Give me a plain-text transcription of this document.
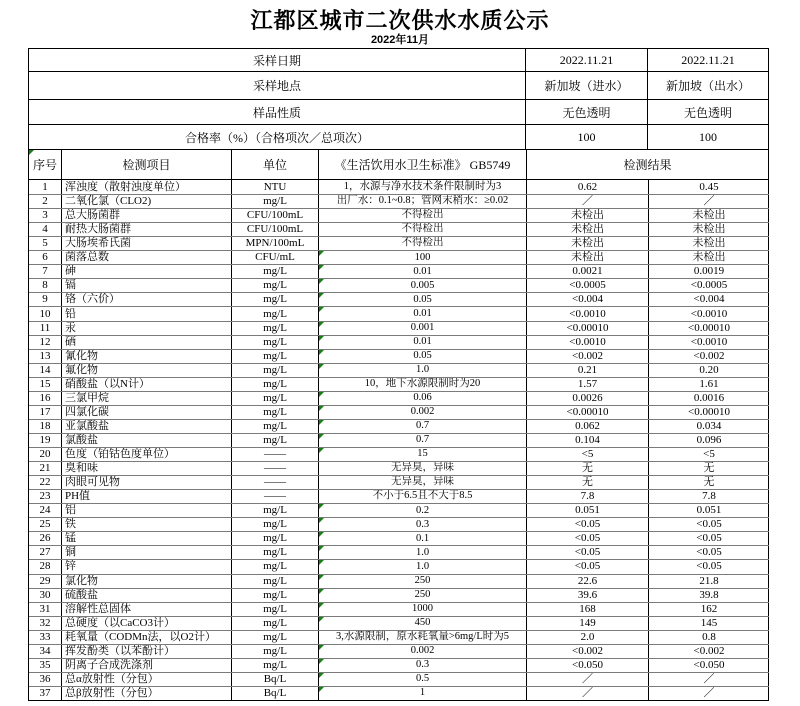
江都区城市二次供水水质公示
2022年11月
采样日期	2022.11.21	2022.11.21
采样地点	新加坡（进水）	新加坡（出水）
样品性质	无色透明	无色透明
合格率（%）（合格项次／总项次）	100	100
序号	检测项目	单位	《生活饮用水卫生标准》 GB5749	检测结果
1 浑浊度（散射浊度单位）	NTU	1，水源与净水技术条件限制时为3	0.62	0.45
2 二氧化氯（CLO2)	mg/L	出厂水：0.1~0.8；管网末稍水：≥0.02	／	／
3 总大肠菌群	CFU/100mL	不得检出	未检出	未检出
4 耐热大肠菌群	CFU/100mL	不得检出	未检出	未检出
5 大肠埃希氏菌	MPN/100mL	不得检出	未检出	未检出
6 菌落总数	CFU/mL	100	未检出	未检出
7 砷	mg/L	0.01	0.0021	0.0019
8 镉	mg/L	0.005	<0.0005	<0.0005
9 铬（六价）	mg/L	0.05	<0.004	<0.004
10 铅	mg/L	0.01	<0.0010	<0.0010
11 汞	mg/L	0.001	<0.00010	<0.00010
12 硒	mg/L	0.01	<0.0010	<0.0010
13 氰化物	mg/L	0.05	<0.002	<0.002
14 氟化物	mg/L	1.0	0.21	0.20
15 硝酸盐（以N计）	mg/L	10，地下水源限制时为20	1.57	1.61
16 三氯甲烷	mg/L	0.06	0.0026	0.0016
17 四氯化碳	mg/L	0.002	<0.00010	<0.00010
18 亚氯酸盐	mg/L	0.7	0.062	0.034
19 氯酸盐	mg/L	0.7	0.104	0.096
20 色度（铂钴色度单位）	——	15	<5	<5
21 臭和味	——	无异臭，异味	无	无
22 肉眼可见物	——	无异臭，异味	无	无
23 PH值	——	不小于6.5且不大于8.5	7.8	7.8
24 铝	mg/L	0.2	0.051	0.051
25 铁	mg/L	0.3	<0.05	<0.05
26 锰	mg/L	0.1	<0.05	<0.05
27 铜	mg/L	1.0	<0.05	<0.05
28 锌	mg/L	1.0	<0.05	<0.05
29 氯化物	mg/L	250	22.6	21.8
30 硫酸盐	mg/L	250	39.6	39.8
31 溶解性总固体	mg/L	1000	168	162
32 总硬度（以CaCO3计）	mg/L	450	149	145
33 耗氧量（CODMn法，以O2计）	mg/L	3,水源限制，原水耗氧量>6mg/L时为5	2.0	0.8
34 挥发酚类（以苯酚计）	mg/L	0.002	<0.002	<0.002
35 阴离子合成洗涤剂	mg/L	0.3	<0.050	<0.050
36 总α放射性（分包）	Bq/L	0.5	／	／
37 总β放射性（分包）	Bq/L	1	／	／
